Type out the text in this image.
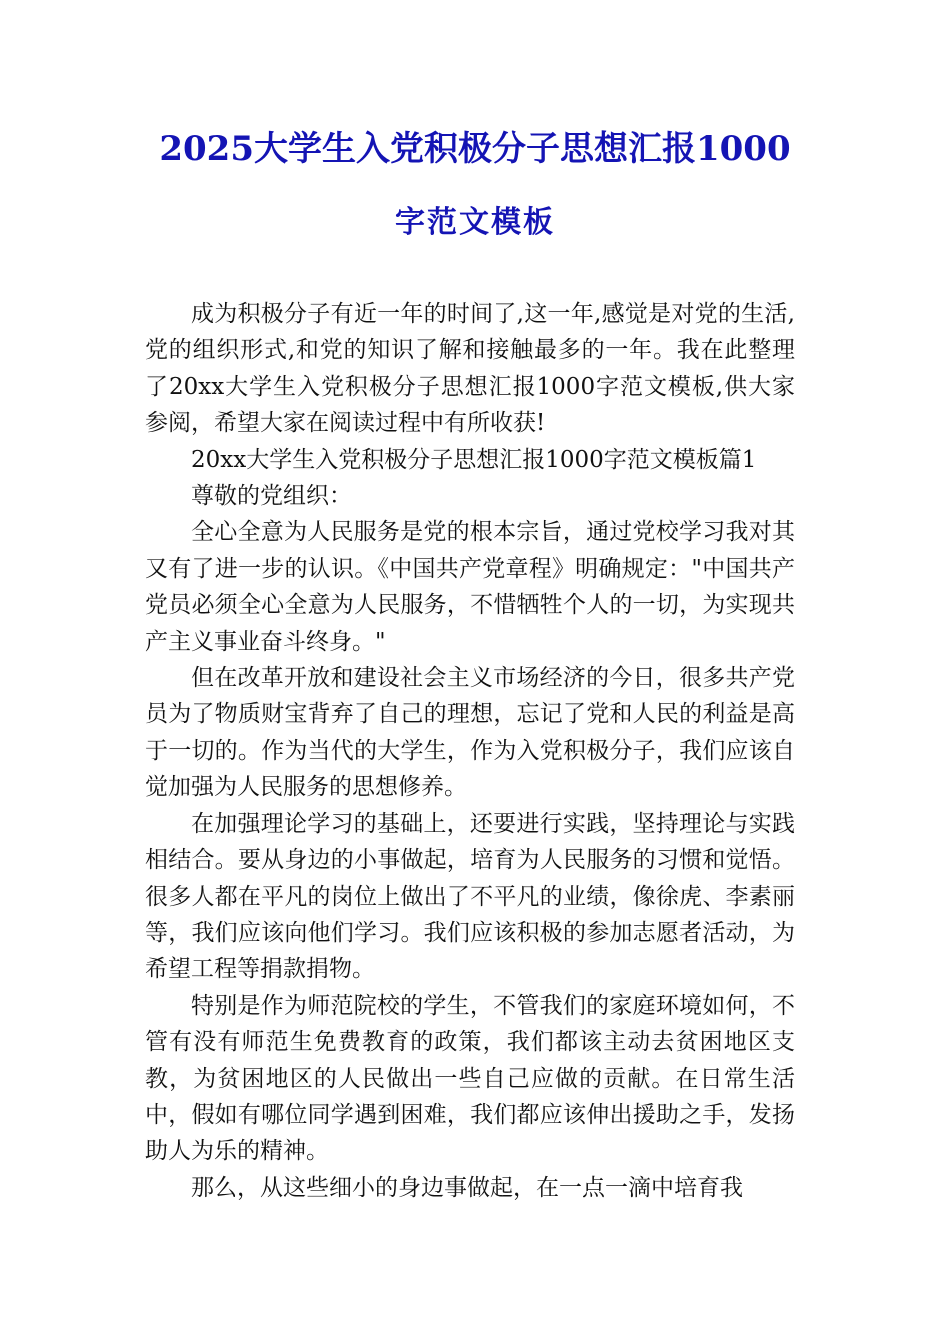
2025大学生入党积极分子思想汇报1000
字范文模板

成为积极分子有近一年的时间了,这一年,感觉是对党的生活,党的组织形式,和党的知识了解和接触最多的一年。我在此整理了20xx大学生入党积极分子思想汇报1000字范文模板,供大家参阅，希望大家在阅读过程中有所收获!

20xx大学生入党积极分子思想汇报1000字范文模板篇1

尊敬的党组织：

全心全意为人民服务是党的根本宗旨，通过党校学习我对其又有了进一步的认识。《中国共产党章程》明确规定："中国共产党员必须全心全意为人民服务，不惜牺牲个人的一切，为实现共产主义事业奋斗终身。"

但在改革开放和建设社会主义市场经济的今日，很多共产党员为了物质财宝背弃了自己的理想，忘记了党和人民的利益是高于一切的。作为当代的大学生，作为入党积极分子，我们应该自觉加强为人民服务的思想修养。

在加强理论学习的基础上，还要进行实践，坚持理论与实践相结合。要从身边的小事做起，培育为人民服务的习惯和觉悟。很多人都在平凡的岗位上做出了不平凡的业绩，像徐虎、李素丽等，我们应该向他们学习。我们应该积极的参加志愿者活动，为希望工程等捐款捐物。

特别是作为师范院校的学生，不管我们的家庭环境如何，不管有没有师范生免费教育的政策，我们都该主动去贫困地区支教，为贫困地区的人民做出一些自己应做的贡献。在日常生活中，假如有哪位同学遇到困难，我们都应该伸出援助之手，发扬助人为乐的精神。

那么，从这些细小的身边事做起，在一点一滴中培育我
